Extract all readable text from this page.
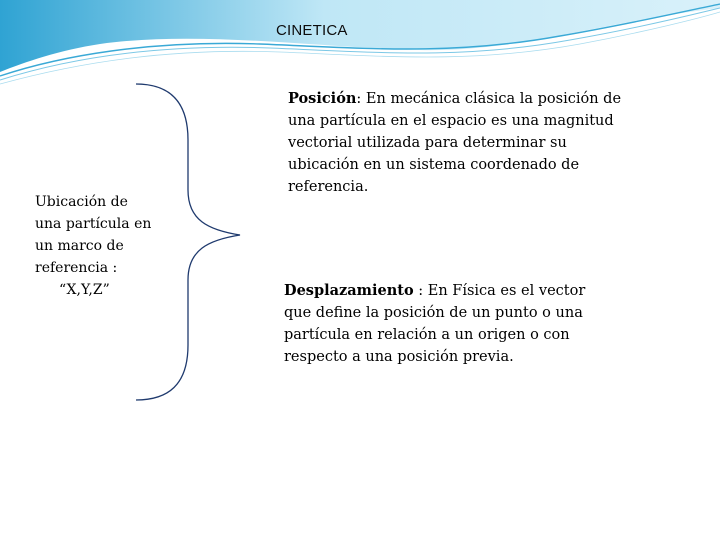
CINETICA
Ubicación de
una partícula en
un marco de
referencia :
“X,Y,Z”
Posición: En mecánica clásica la posición de una partícula en el espacio es una magnitud vectorial utilizada para determinar su ubicación en un sistema coordenado de referencia.
Desplazamiento : En Física es el vector que define la posición de un punto o una partícula en relación a un origen o con respecto a una posición previa.
